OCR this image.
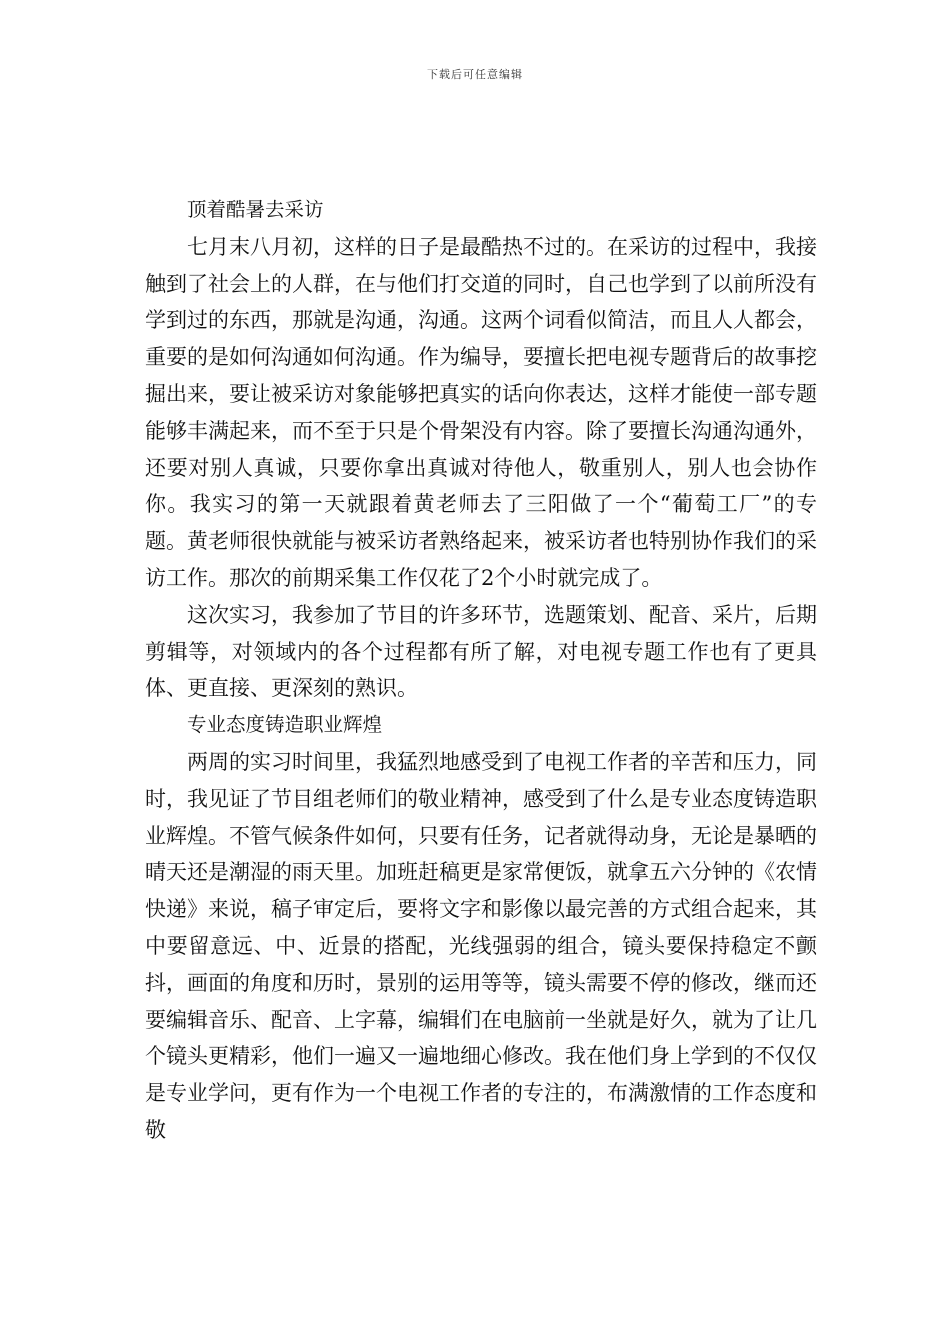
下载后可任意编辑

顶着酷暑去采访

七月末八月初，这样的日子是最酷热不过的。在采访的过程中，我接触到了社会上的人群，在与他们打交道的同时，自己也学到了以前所没有学到过的东西，那就是沟通，沟通。这两个词看似简洁，而且人人都会，重要的是如何沟通如何沟通。作为编导，要擅长把电视专题背后的故事挖掘出来，要让被采访对象能够把真实的话向你表达，这样才能使一部专题能够丰满起来，而不至于只是个骨架没有内容。除了要擅长沟通沟通外，还要对别人真诚，只要你拿出真诚对待他人，敬重别人，别人也会协作你。我实习的第一天就跟着黄老师去了三阳做了一个“葡萄工厂”的专题。黄老师很快就能与被采访者熟络起来，被采访者也特别协作我们的采访工作。那次的前期采集工作仅花了2个小时就完成了。

这次实习，我参加了节目的许多环节，选题策划、配音、采片，后期剪辑等，对领域内的各个过程都有所了解，对电视专题工作也有了更具体、更直接、更深刻的熟识。

专业态度铸造职业辉煌

两周的实习时间里，我猛烈地感受到了电视工作者的辛苦和压力，同时，我见证了节目组老师们的敬业精神，感受到了什么是专业态度铸造职业辉煌。不管气候条件如何，只要有任务，记者就得动身，无论是暴晒的晴天还是潮湿的雨天里。加班赶稿更是家常便饭，就拿五六分钟的《农情快递》来说，稿子审定后，要将文字和影像以最完善的方式组合起来，其中要留意远、中、近景的搭配，光线强弱的组合，镜头要保持稳定不颤抖，画面的角度和历时，景别的运用等等，镜头需要不停的修改，继而还要编辑音乐、配音、上字幕，编辑们在电脑前一坐就是好久，就为了让几个镜头更精彩，他们一遍又一遍地细心修改。我在他们身上学到的不仅仅是专业学问，更有作为一个电视工作者的专注的，布满激情的工作态度和敬
